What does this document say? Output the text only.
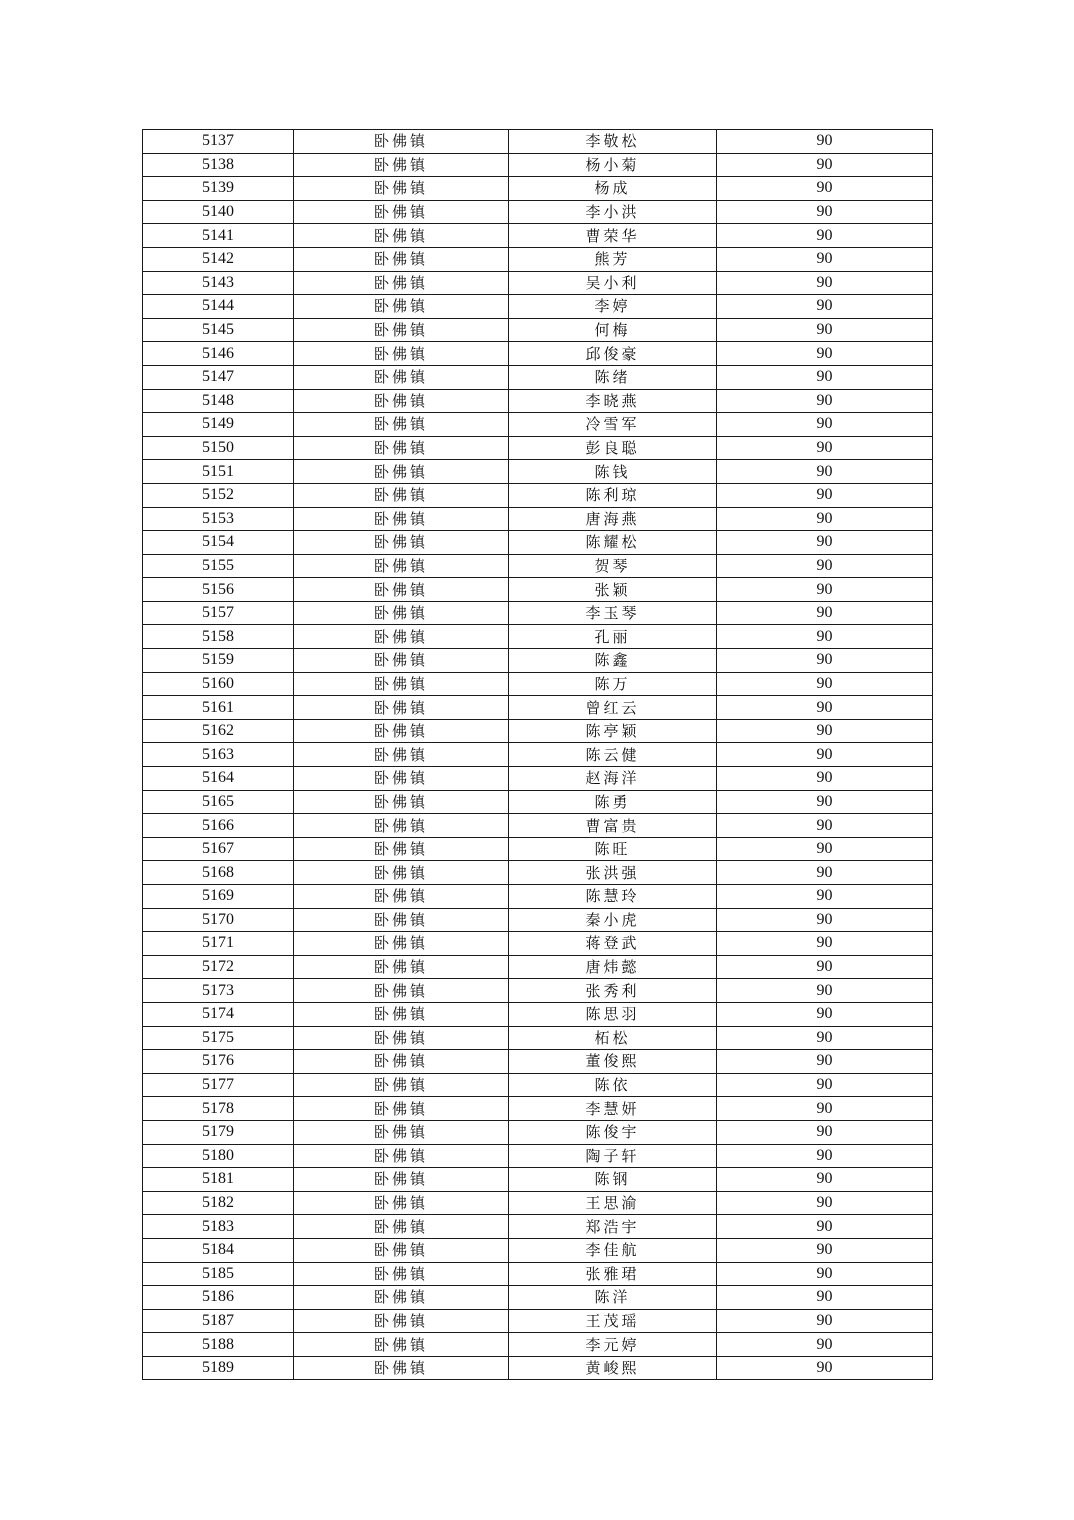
5137	卧佛镇	李敬松	90
5138	卧佛镇	杨小菊	90
5139	卧佛镇	杨成	90
5140	卧佛镇	李小洪	90
5141	卧佛镇	曹荣华	90
5142	卧佛镇	熊芳	90
5143	卧佛镇	吴小利	90
5144	卧佛镇	李婷	90
5145	卧佛镇	何梅	90
5146	卧佛镇	邱俊豪	90
5147	卧佛镇	陈绪	90
5148	卧佛镇	李晓燕	90
5149	卧佛镇	冷雪军	90
5150	卧佛镇	彭良聪	90
5151	卧佛镇	陈钱	90
5152	卧佛镇	陈利琼	90
5153	卧佛镇	唐海燕	90
5154	卧佛镇	陈耀松	90
5155	卧佛镇	贺琴	90
5156	卧佛镇	张颖	90
5157	卧佛镇	李玉琴	90
5158	卧佛镇	孔丽	90
5159	卧佛镇	陈鑫	90
5160	卧佛镇	陈万	90
5161	卧佛镇	曾红云	90
5162	卧佛镇	陈亭颖	90
5163	卧佛镇	陈云健	90
5164	卧佛镇	赵海洋	90
5165	卧佛镇	陈勇	90
5166	卧佛镇	曹富贵	90
5167	卧佛镇	陈旺	90
5168	卧佛镇	张洪强	90
5169	卧佛镇	陈慧玲	90
5170	卧佛镇	秦小虎	90
5171	卧佛镇	蒋登武	90
5172	卧佛镇	唐炜懿	90
5173	卧佛镇	张秀利	90
5174	卧佛镇	陈思羽	90
5175	卧佛镇	柘松	90
5176	卧佛镇	董俊熙	90
5177	卧佛镇	陈依	90
5178	卧佛镇	李慧妍	90
5179	卧佛镇	陈俊宇	90
5180	卧佛镇	陶子轩	90
5181	卧佛镇	陈钢	90
5182	卧佛镇	王思渝	90
5183	卧佛镇	郑浩宇	90
5184	卧佛镇	李佳航	90
5185	卧佛镇	张雅珺	90
5186	卧佛镇	陈洋	90
5187	卧佛镇	王茂瑶	90
5188	卧佛镇	李元婷	90
5189	卧佛镇	黄峻熙	90
